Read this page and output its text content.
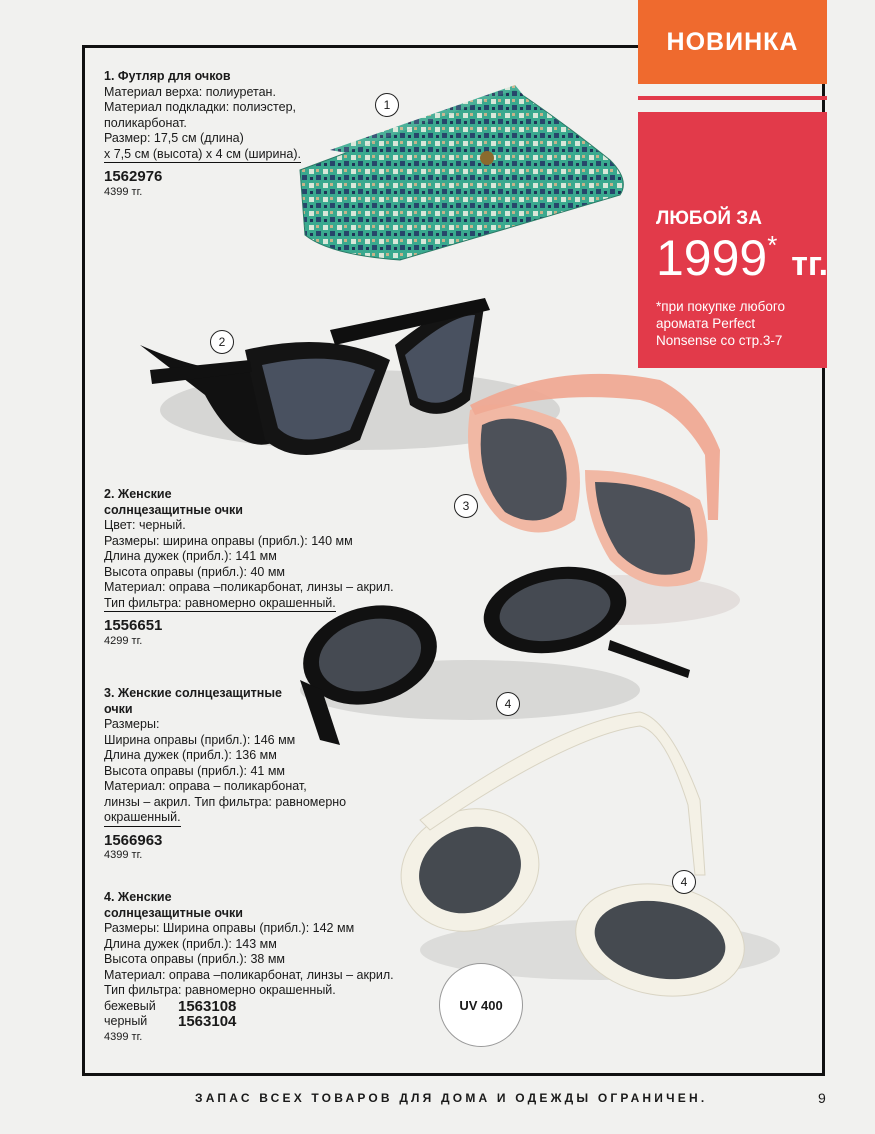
НОВИНКА
ЛЮБОЙ ЗА
1999* тг.
*при покупке любого аромата Perfect Nonsense со стр.3-7
1. Футляр для очков
Материал верха: полиуретан.
Материал подкладки: полиэстер,
поликарбонат.
Размер: 17,5 см (длина)
х 7,5 см (высота) х 4 см (ширина).
1562976
4399 тг.
2. Женские
солнцезащитные очки
Цвет: черный.
Размеры: ширина оправы (прибл.): 140 мм
Длина дужек (прибл.): 141 мм
Высота оправы (прибл.): 40 мм
Материал: оправа –поликарбонат, линзы – акрил.
Тип фильтра: равномерно окрашенный.
1556651
4299 тг.
3. Женские солнцезащитные
очки
Размеры:
Ширина оправы (прибл.): 146 мм
Длина дужек (прибл.): 136 мм
Высота оправы (прибл.): 41 мм
Материал: оправа – поликарбонат,
линзы – акрил. Тип фильтра: равномерно
окрашенный.
1566963
4399 тг.
4. Женские
солнцезащитные очки
Размеры: Ширина оправы (прибл.): 142 мм
Длина дужек (прибл.): 143 мм
Высота оправы (прибл.): 38 мм
Материал: оправа –поликарбонат, линзы – акрил.
Тип фильтра: равномерно окрашенный.
бежевый	1563108
черный	1563104
4399 тг.
1
2
3
4
4
UV 400
ЗАПАС ВСЕХ ТОВАРОВ ДЛЯ ДОМА И ОДЕЖДЫ ОГРАНИЧЕН.	9
